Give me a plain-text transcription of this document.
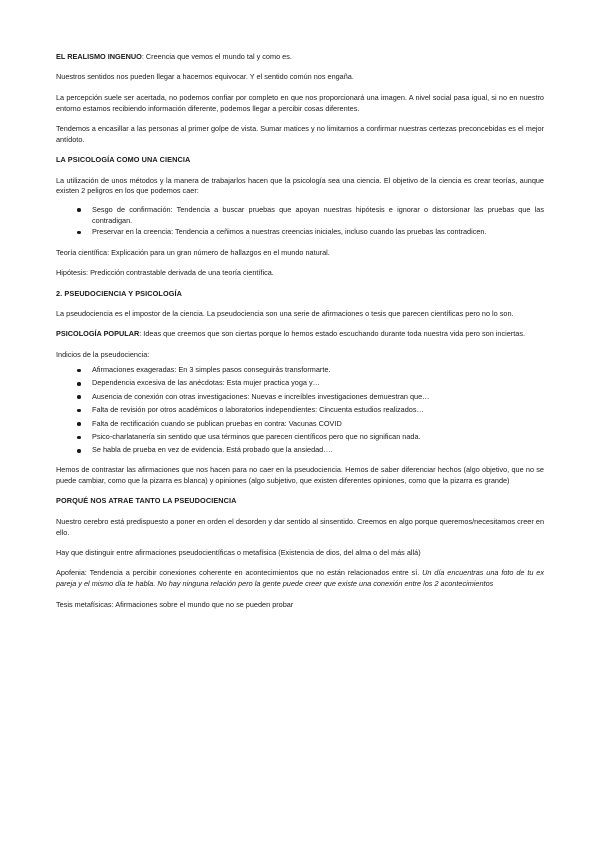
EL REALISMO INGENUO: Creencia que vemos el mundo tal y como es.

Nuestros sentidos nos pueden llegar a hacernos equivocar. Y el sentido común nos engaña.

La percepción suele ser acertada, no podemos confiar por completo en que nos proporcionará una imagen. A nivel social pasa igual, si no en nuestro entorno estamos recibiendo información diferente, podemos llegar a percibir cosas diferentes.

Tendemos a encasillar a las personas al primer golpe de vista. Sumar matices y no limitarnos a confirmar nuestras certezas preconcebidas es el mejor antídoto.

LA PSICOLOGÍA COMO UNA CIENCIA

La utilización de unos métodos y la manera de trabajarlos hacen que la psicología sea una ciencia. El objetivo de la ciencia es crear teorías, aunque existen 2 peligros en los que podemos caer:

Sesgo de confirmación: Tendencia a buscar pruebas que apoyan nuestras hipótesis e ignorar o distorsionar las pruebas que las contradigan.
Preservar en la creencia: Tendencia a ceñimos a nuestras creencias iniciales, incluso cuando las pruebas las contradicen.

Teoría científica: Explicación para un gran número de hallazgos en el mundo natural.

Hipótesis: Predicción contrastable derivada de una teoría científica.

2. PSEUDOCIENCIA Y PSICOLOGÍA

La pseudociencia es el impostor de la ciencia. La pseudociencia son una serie de afirmaciones o tesis que parecen científicas pero no lo son.

PSICOLOGÍA POPULAR: Ideas que creemos que son ciertas porque lo hemos estado escuchando durante toda nuestra vida pero son inciertas.

Indicios de la pseudociencia:

Afirmaciones exageradas: En 3 simples pasos conseguirás transformarte.
Dependencia excesiva de las anécdotas: Esta mujer practica yoga y…
Ausencia de conexión con otras investigaciones: Nuevas e increíbles investigaciones demuestran que…
Falta de revisión por otros académicos o laboratorios independientes: Cincuenta estudios realizados…
Falta de rectificación cuando se publican pruebas en contra: Vacunas COVID
Psico-charlatanería sin sentido que usa términos que parecen científicos pero que no significan nada.
Se habla de prueba en vez de evidencia. Está probado que la ansiedad….

Hemos de contrastar las afirmaciones que nos hacen para no caer en la pseudociencia. Hemos de saber diferenciar hechos (algo objetivo, que no se puede cambiar, como que la pizarra es blanca) y opiniones (algo subjetivo, que existen diferentes opiniones, como que la pizarra es grande)

PORQUÉ NOS ATRAE TANTO LA PSEUDOCIENCIA

Nuestro cerebro está predispuesto a poner en orden el desorden y dar sentido al sinsentido. Creemos en algo porque queremos/necesitamos creer en ello.

Hay que distinguir entre afirmaciones pseudocientíficas o metafísica (Existencia de dios, del alma o del más allá)

Apofenia: Tendencia a percibir conexiones coherente en acontecimientos que no están relacionados entre sí. Un día encuentras una foto de tu ex pareja y el mismo día te habla. No hay ninguna relación pero la gente puede creer que existe una conexión entre los 2 acontecimientos

Tesis metafísicas: Afirmaciones sobre el mundo que no se pueden probar
